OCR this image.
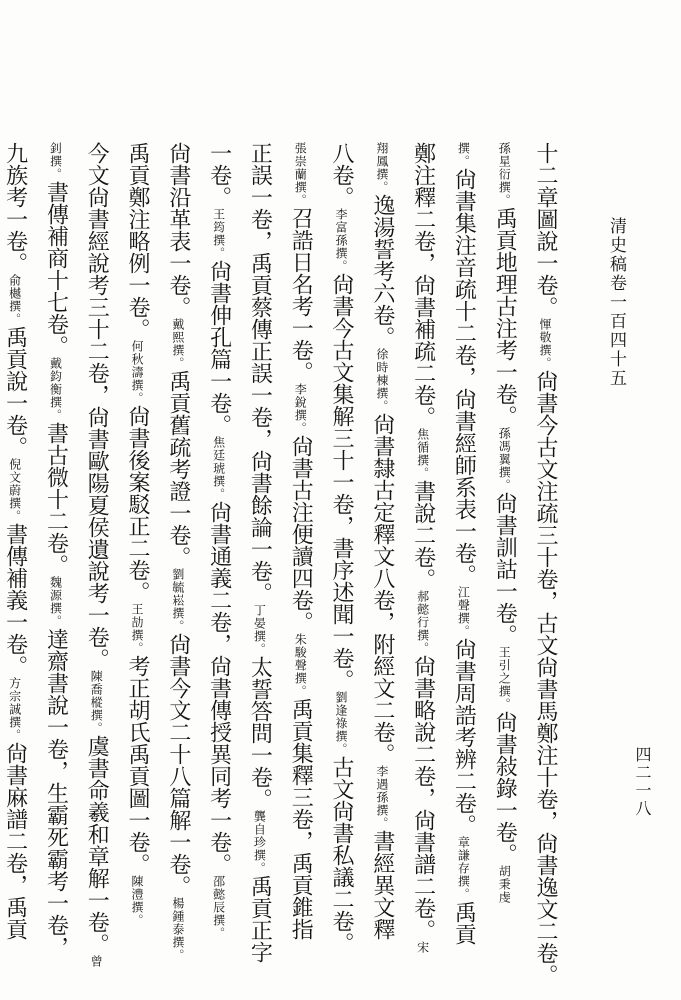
清史稿卷一百四十五
四二一八
十二章圖說一卷。惲敬撰。尙書今古文注疏三十卷，古文尙書馬鄭注十卷，尙書逸文二卷。
孫星衍撰。禹貢地理古注考一卷。孫馮翼撰。尙書訓詁一卷。王引之撰。尙書敍錄一卷。胡秉虔
撰。尙書集注音疏十二卷，尙書經師系表一卷。江聲撰。尙書周誥考辨二卷。章謙存撰。禹貢
鄭注釋二卷，尙書補疏二卷。焦循撰。書說二卷。郝懿行撰。尙書略說二卷，尙書譜二卷。宋
翔鳳撰。逸湯誓考六卷。徐時棟撰。尙書隸古定釋文八卷，附經文二卷。李遇孫撰。書經異文釋
八卷。李富孫撰。尙書今古文集解三十一卷，書序述聞一卷。劉逢祿撰。古文尙書私議二卷。
張崇蘭撰。召誥日名考一卷。李銳撰。尙書古注便讀四卷。朱駿聲撰。禹貢集釋三卷，禹貢錐指
正誤一卷，禹貢蔡傳正誤一卷，尙書餘論一卷。丁晏撰。太誓答問一卷。龔自珍撰。禹貢正字
一卷。王筠撰。尙書伸孔篇一卷。焦廷琥撰。尙書通義二卷，尙書傳授異同考一卷。邵懿辰撰。
尙書沿革表一卷。戴熙撰。禹貢舊疏考證一卷。劉毓崧撰。尙書今文二十八篇解一卷。楊鍾泰撰。
禹貢鄭注略例一卷。何秋濤撰。尙書後案駁正二卷。王劼撰。考正胡氏禹貢圖一卷。陳澧撰。
今文尙書經說考三十二卷，尙書歐陽夏侯遺說考一卷。陳喬樅撰。虞書命羲和章解一卷。曾
釗撰。書傳補商十七卷。戴鈞衡撰。書古微十二卷。魏源撰。達齋書說一卷，生霸死霸考一卷，
九族考一卷。俞樾撰。禹貢說一卷。倪文蔚撰。書傳補義一卷。方宗誠撰。尙書麻譜二卷，禹貢
